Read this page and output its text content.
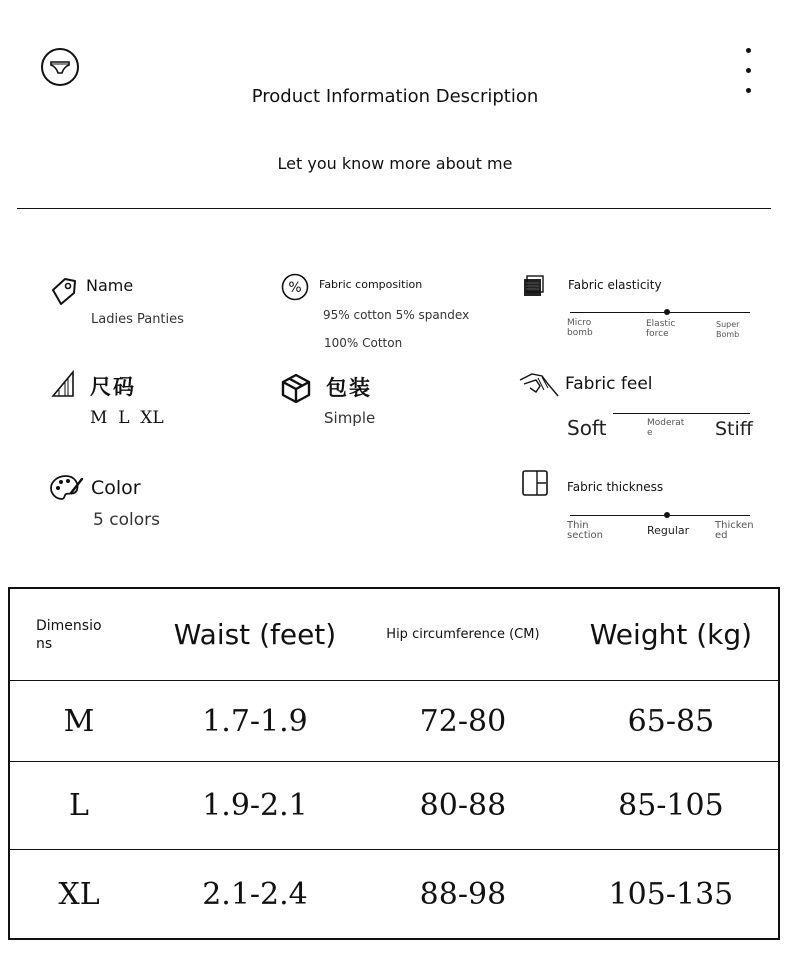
Product Information Description
Let you know more about me
Name
Ladies Panties
% Fabric composition
95% cotton 5% spandex
100% Cotton
Fabric elasticity
Micro
bomb
Elastic
force
Super
Bomb
尺码
M  L  XL
包装
Simple
Fabric feel
Soft	Moderat
e	Stiff
Color
5 colors
Fabric thickness
Thin
section	Regular	Thicken
ed
Dimensio
ns	Waist (feet)	Hip circumference (CM)	Weight (kg)
M	1.7-1.9	72-80	65-85
L	1.9-2.1	80-88	85-105
XL	2.1-2.4	88-98	105-135
